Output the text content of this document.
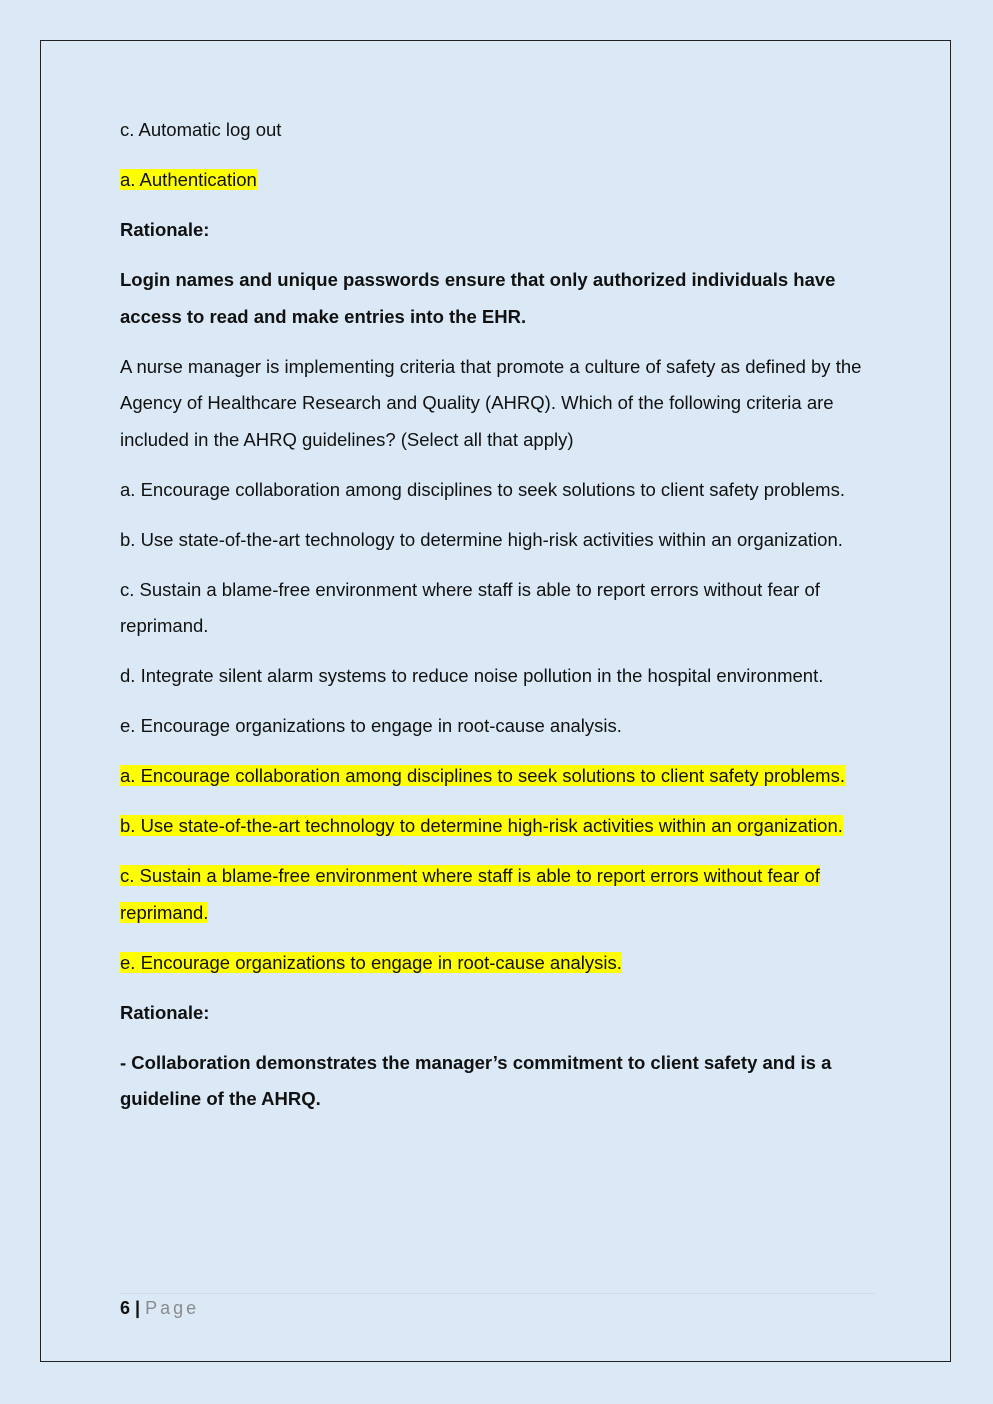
c. Automatic log out

a. Authentication

Rationale:

Login names and unique passwords ensure that only authorized individuals have access to read and make entries into the EHR.

A nurse manager is implementing criteria that promote a culture of safety as defined by the Agency of Healthcare Research and Quality (AHRQ). Which of the following criteria are included in the AHRQ guidelines? (Select all that apply)

a. Encourage collaboration among disciplines to seek solutions to client safety problems.

b. Use state-of-the-art technology to determine high-risk activities within an organization.

c. Sustain a blame-free environment where staff is able to report errors without fear of reprimand.

d. Integrate silent alarm systems to reduce noise pollution in the hospital environment.

e. Encourage organizations to engage in root-cause analysis.

a. Encourage collaboration among disciplines to seek solutions to client safety problems.

b. Use state-of-the-art technology to determine high-risk activities within an organization.

c. Sustain a blame-free environment where staff is able to report errors without fear of reprimand.

e. Encourage organizations to engage in root-cause analysis.

Rationale:

- Collaboration demonstrates the manager’s commitment to client safety and is a guideline of the AHRQ.

6 | Page
